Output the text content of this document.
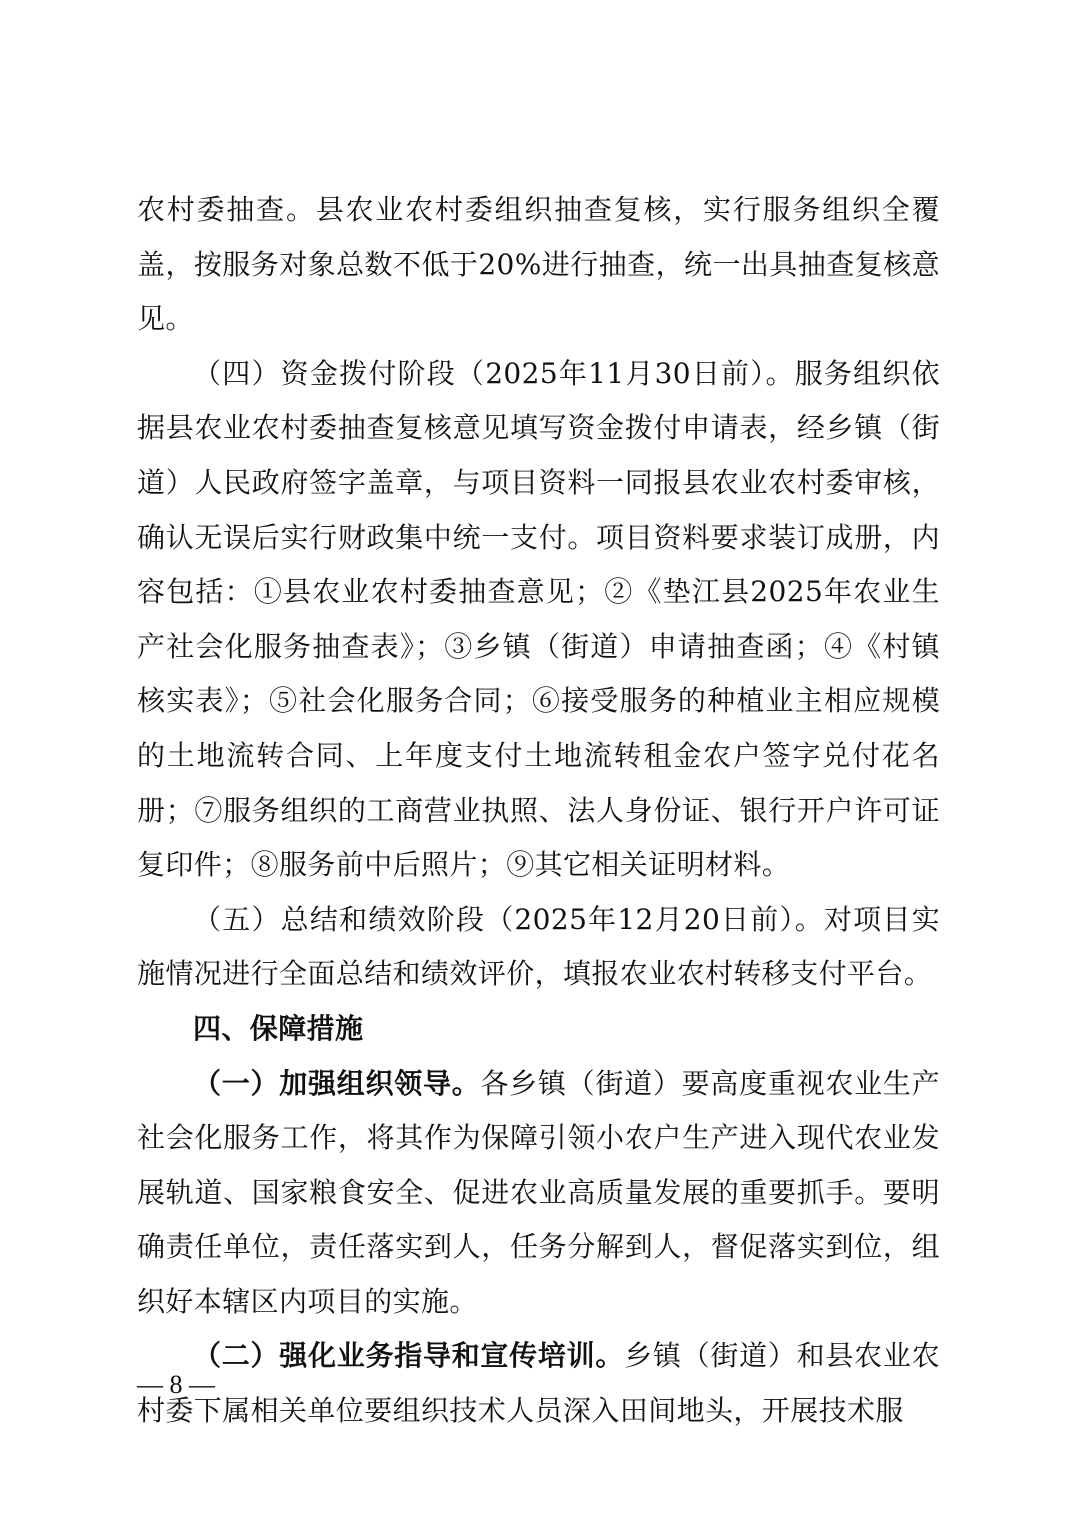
农村委抽查。县农业农村委组织抽查复核，实行服务组织全覆盖，按服务对象总数不低于20%进行抽查，统一出具抽查复核意见。

（四）资金拨付阶段（2025年11月30日前）。服务组织依据县农业农村委抽查复核意见填写资金拨付申请表，经乡镇（街道）人民政府签字盖章，与项目资料一同报县农业农村委审核，确认无误后实行财政集中统一支付。项目资料要求装订成册，内容包括：①县农业农村委抽查意见；②《垫江县2025年农业生产社会化服务抽查表》；③乡镇（街道）申请抽查函；④《村镇核实表》；⑤社会化服务合同；⑥接受服务的种植业主相应规模的土地流转合同、上年度支付土地流转租金农户签字兑付花名册；⑦服务组织的工商营业执照、法人身份证、银行开户许可证复印件；⑧服务前中后照片；⑨其它相关证明材料。

（五）总结和绩效阶段（2025年12月20日前）。对项目实施情况进行全面总结和绩效评价，填报农业农村转移支付平台。

四、保障措施

（一）加强组织领导。各乡镇（街道）要高度重视农业生产社会化服务工作，将其作为保障引领小农户生产进入现代农业发展轨道、国家粮食安全、促进农业高质量发展的重要抓手。要明确责任单位，责任落实到人，任务分解到人，督促落实到位，组织好本辖区内项目的实施。

（二）强化业务指导和宣传培训。乡镇（街道）和县农业农村委下属相关单位要组织技术人员深入田间地头，开展技术服

— 8 —
